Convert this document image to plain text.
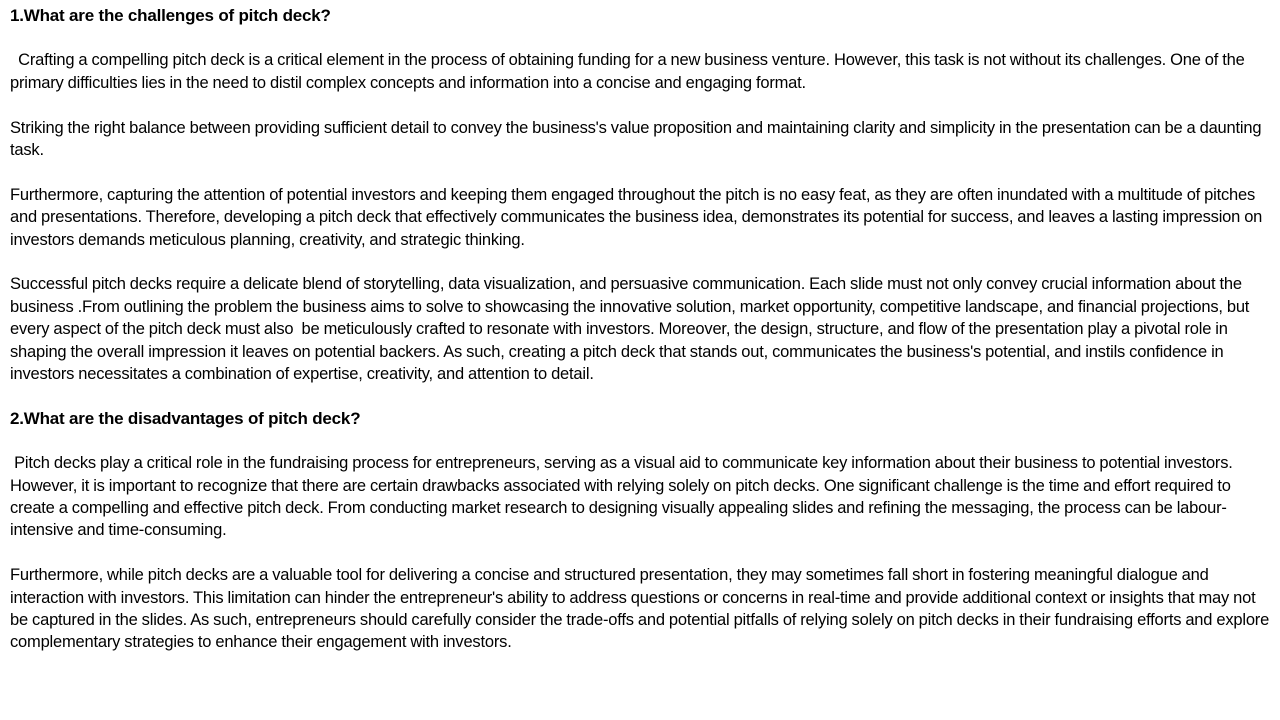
1.What are the challenges of pitch deck?

Crafting a compelling pitch deck is a critical element in the process of obtaining funding for a new business venture. However, this task is not without its challenges. One of the primary difficulties lies in the need to distil complex concepts and information into a concise and engaging format.

Striking the right balance between providing sufficient detail to convey the business's value proposition and maintaining clarity and simplicity in the presentation can be a daunting task.

Furthermore, capturing the attention of potential investors and keeping them engaged throughout the pitch is no easy feat, as they are often inundated with a multitude of pitches and presentations. Therefore, developing a pitch deck that effectively communicates the business idea, demonstrates its potential for success, and leaves a lasting impression on investors demands meticulous planning, creativity, and strategic thinking.

Successful pitch decks require a delicate blend of storytelling, data visualization, and persuasive communication. Each slide must not only convey crucial information about the business .From outlining the problem the business aims to solve to showcasing the innovative solution, market opportunity, competitive landscape, and financial projections, but every aspect of the pitch deck must also  be meticulously crafted to resonate with investors. Moreover, the design, structure, and flow of the presentation play a pivotal role in shaping the overall impression it leaves on potential backers. As such, creating a pitch deck that stands out, communicates the business's potential, and instils confidence in investors necessitates a combination of expertise, creativity, and attention to detail.

2.What are the disadvantages of pitch deck?

Pitch decks play a critical role in the fundraising process for entrepreneurs, serving as a visual aid to communicate key information about their business to potential investors. However, it is important to recognize that there are certain drawbacks associated with relying solely on pitch decks. One significant challenge is the time and effort required to create a compelling and effective pitch deck. From conducting market research to designing visually appealing slides and refining the messaging, the process can be labour-intensive and time-consuming.

Furthermore, while pitch decks are a valuable tool for delivering a concise and structured presentation, they may sometimes fall short in fostering meaningful dialogue and interaction with investors. This limitation can hinder the entrepreneur's ability to address questions or concerns in real-time and provide additional context or insights that may not be captured in the slides. As such, entrepreneurs should carefully consider the trade-offs and potential pitfalls of relying solely on pitch decks in their fundraising efforts and explore complementary strategies to enhance their engagement with investors.
